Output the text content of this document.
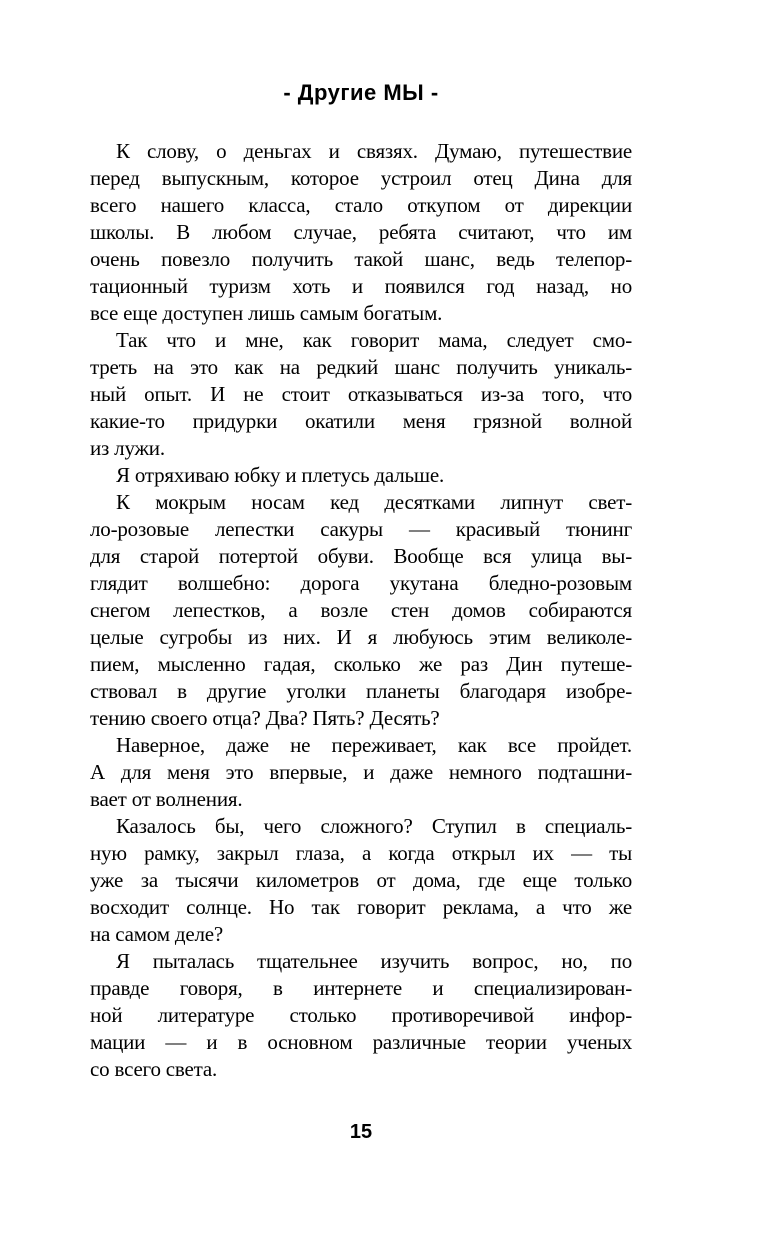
- Другие МЫ -
К слову, о деньгах и связях. Думаю, путешествие
перед выпускным, которое устроил отец Дина для
всего нашего класса, стало откупом от дирекции
школы. В любом случае, ребята считают, что им
очень повезло получить такой шанс, ведь телепор-
тационный туризм хоть и появился год назад, но
все еще доступен лишь самым богатым.
Так что и мне, как говорит мама, следует смо-
треть на это как на редкий шанс получить уникаль-
ный опыт. И не стоит отказываться из-за того, что
какие-то придурки окатили меня грязной волной
из лужи.
Я отряхиваю юбку и плетусь дальше.
К мокрым носам кед десятками липнут свет-
ло-розовые лепестки сакуры — красивый тюнинг
для старой потертой обуви. Вообще вся улица вы-
глядит волшебно: дорога укутана бледно-розовым
снегом лепестков, а возле стен домов собираются
целые сугробы из них. И я любуюсь этим великоле-
пием, мысленно гадая, сколько же раз Дин путеше-
ствовал в другие уголки планеты благодаря изобре-
тению своего отца? Два? Пять? Десять?
Наверное, даже не переживает, как все пройдет.
А для меня это впервые, и даже немного подташни-
вает от волнения.
Казалось бы, чего сложного? Ступил в специаль-
ную рамку, закрыл глаза, а когда открыл их — ты
уже за тысячи километров от дома, где еще только
восходит солнце. Но так говорит реклама, а что же
на самом деле?
Я пыталась тщательнее изучить вопрос, но, по
правде говоря, в интернете и специализирован-
ной литературе столько противоречивой инфор-
мации — и в основном различные теории ученых
со всего света.
15
